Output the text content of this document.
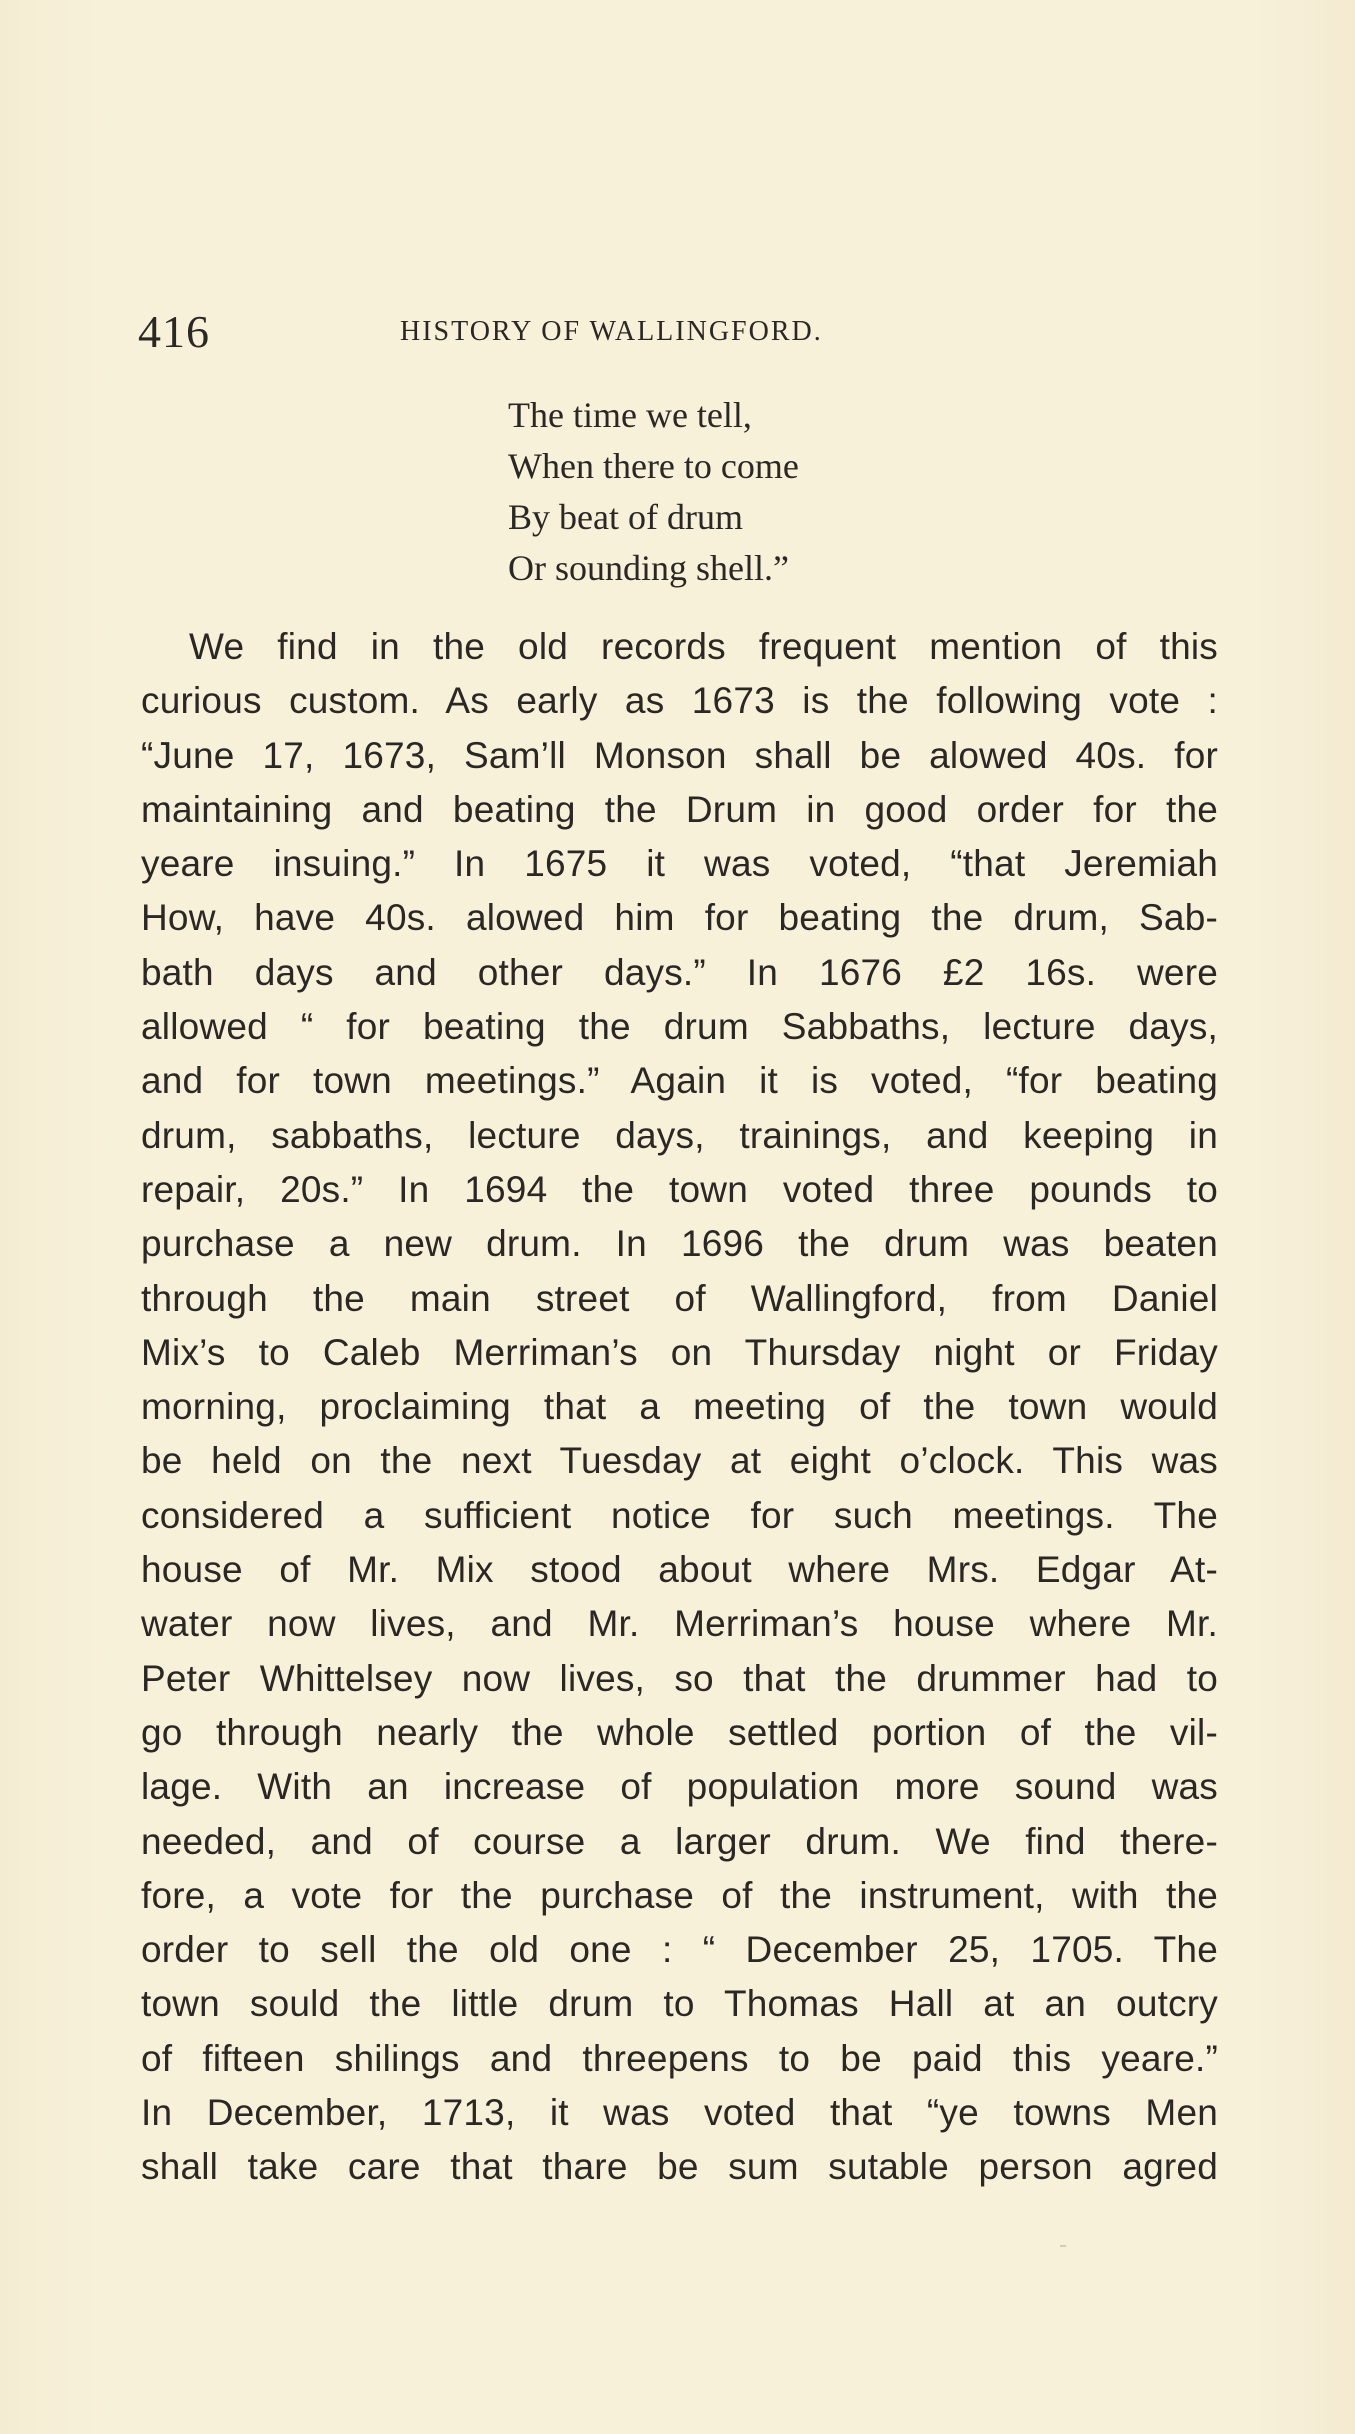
416	HISTORY OF WALLINGFORD.
The time we tell,
When there to come
By beat of drum
Or sounding shell.”
We find in the old records frequent mention of this
curious custom. As early as 1673 is the following vote :
“June 17, 1673, Sam’ll Monson shall be alowed 40s. for
maintaining and beating the Drum in good order for the
yeare insuing.” In 1675 it was voted, “that Jeremiah
How, have 40s. alowed him for beating the drum, Sab-
bath days and other days.” In 1676 £2 16s. were
allowed “ for beating the drum Sabbaths, lecture days,
and for town meetings.” Again it is voted, “for beating
drum, sabbaths, lecture days, trainings, and keeping in
repair, 20s.” In 1694 the town voted three pounds to
purchase a new drum. In 1696 the drum was beaten
through the main street of Wallingford, from Daniel
Mix’s to Caleb Merriman’s on Thursday night or Friday
morning, proclaiming that a meeting of the town would
be held on the next Tuesday at eight o’clock. This was
considered a sufficient notice for such meetings. The
house of Mr. Mix stood about where Mrs. Edgar At-
water now lives, and Mr. Merriman’s house where Mr.
Peter Whittelsey now lives, so that the drummer had to
go through nearly the whole settled portion of the vil-
lage. With an increase of population more sound was
needed, and of course a larger drum. We find there-
fore, a vote for the purchase of the instrument, with the
order to sell the old one : “ December 25, 1705. The
town sould the little drum to Thomas Hall at an outcry
of fifteen shilings and threepens to be paid this yeare.”
In December, 1713, it was voted that “ye towns Men
shall take care that thare be sum sutable person agred
